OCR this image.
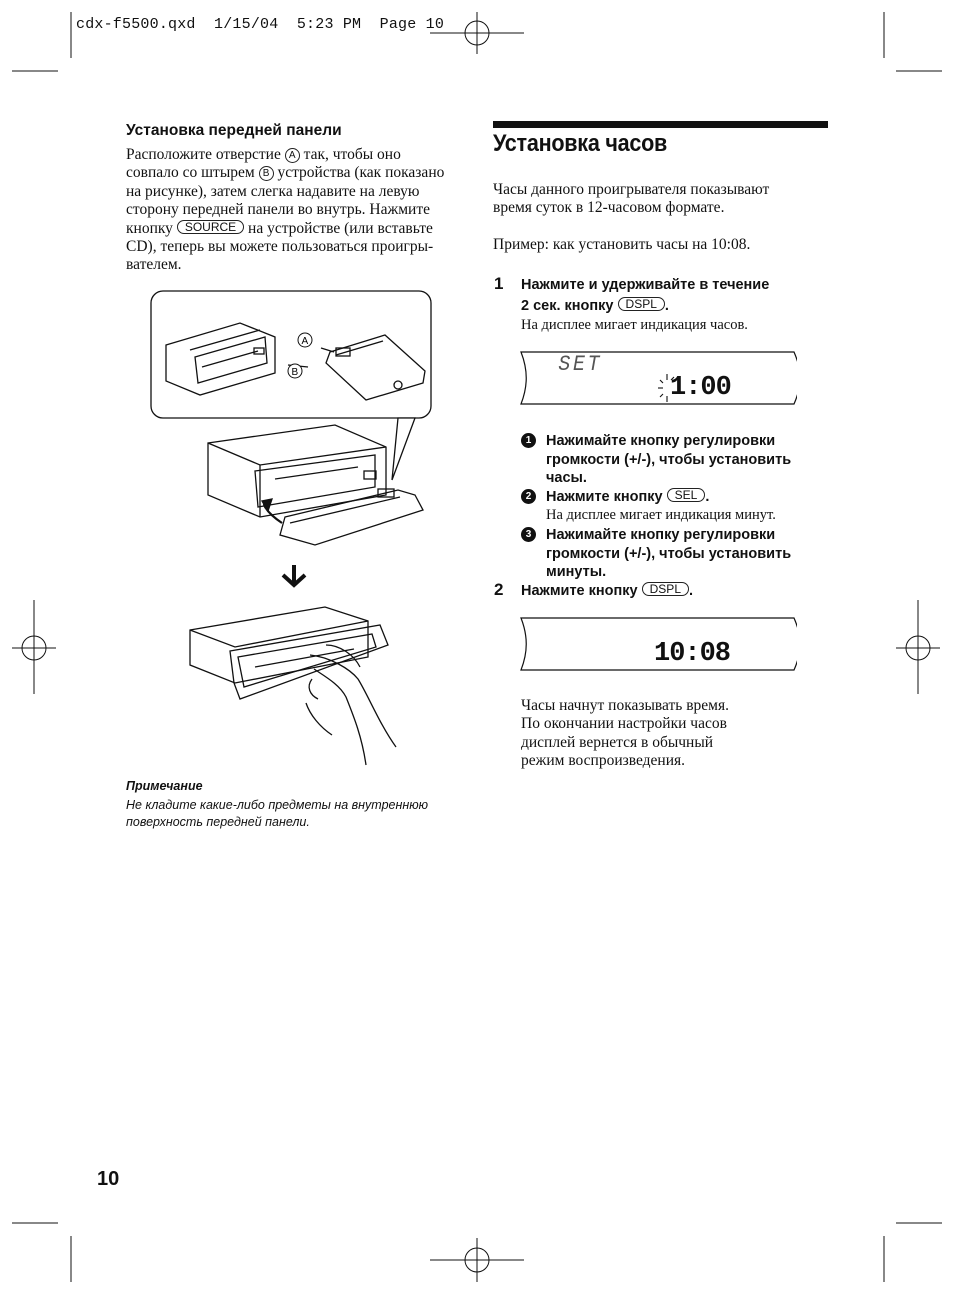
cdx-f5500.qxd  1/15/04  5:23 PM  Page 10
Установка передней панели
Расположите отверстие A так, чтобы оно
совпало со штырем B устройства (как показано
на рисунке), затем слегка надавите на левую
сторону передней панели во внутрь. Нажмите
кнопку SOURCE на устройстве (или вставьте
CD), теперь вы можете пользоваться проигры-
вателем.
A
B
Примечание
Не кладите какие-либо предметы на внутреннюю
поверхность передней панели.
Установка часов
Часы данного проигрывателя показывают
время суток в 12-часовом формате.
Пример: как установить часы на 10:08.
1 Нажмите и удерживайте в течение
2 сек. кнопку DSPL .
На дисплее мигает индикация часов.
SET
1:00
1	Нажимайте кнопку регулировки
громкости (+/-), чтобы установить
часы.
2	Нажмите кнопку SEL .
На дисплее мигает индикация минут.
3	Нажимайте кнопку регулировки
громкости (+/-), чтобы установить
минуты.
2 Нажмите кнопку DSPL .
10:08
Часы начнут показывать время.
По окончании настройки часов
дисплей вернется в обычный
режим воспроизведения.
10
